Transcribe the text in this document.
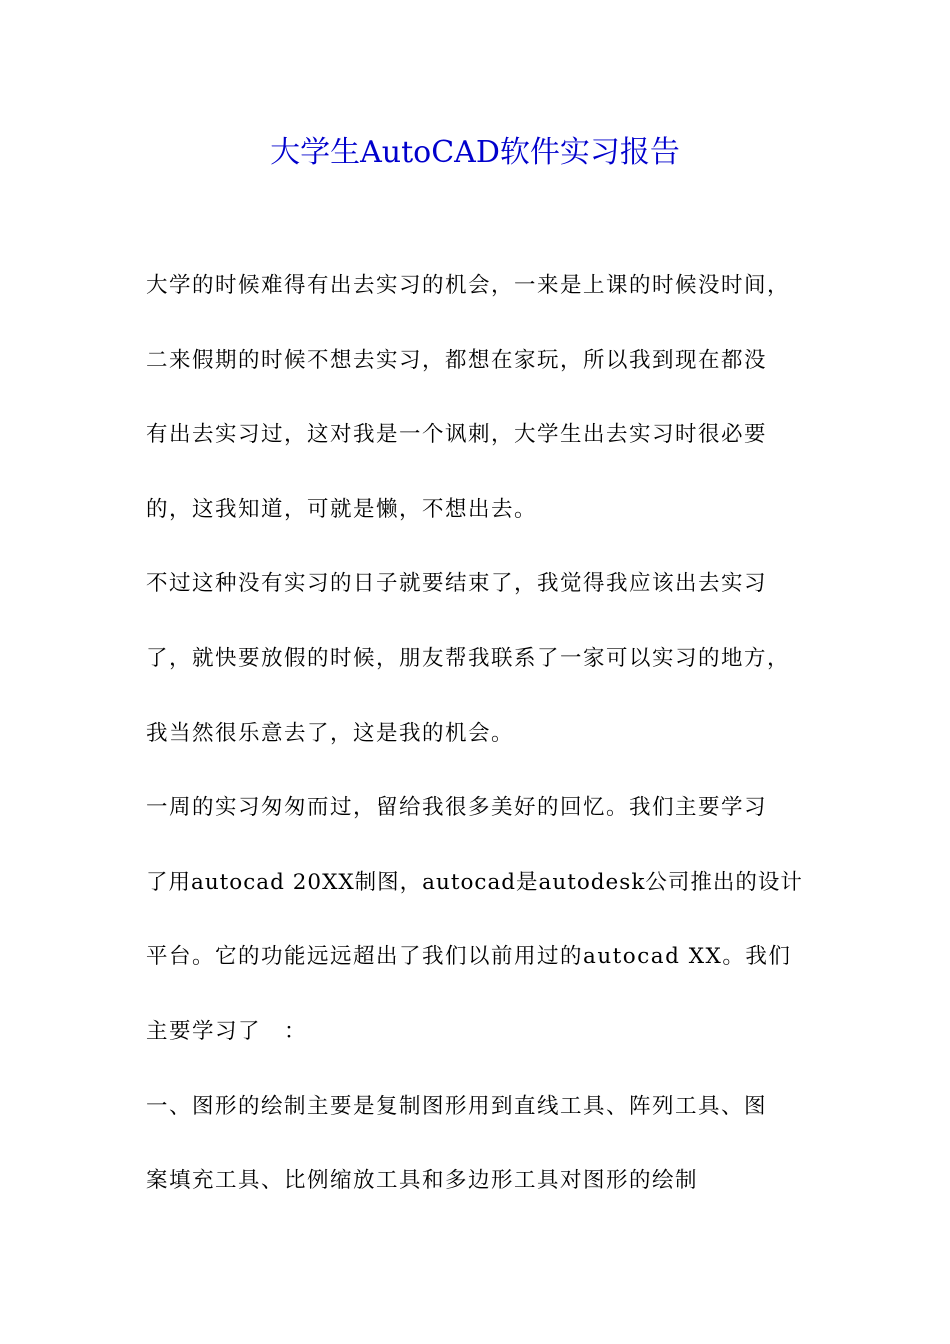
大学生AutoCAD软件实习报告
大学的时候难得有出去实习的机会，一来是上课的时候没时间，
二来假期的时候不想去实习，都想在家玩，所以我到现在都没
有出去实习过，这对我是一个讽刺，大学生出去实习时很必要
的，这我知道，可就是懒，不想出去。
不过这种没有实习的日子就要结束了，我觉得我应该出去实习
了，就快要放假的时候，朋友帮我联系了一家可以实习的地方，
我当然很乐意去了，这是我的机会。
一周的实习匆匆而过，留给我很多美好的回忆。我们主要学习
了用autocad 20XX制图，autocad是autodesk公司推出的设计
平台。它的功能远远超出了我们以前用过的autocad XX。我们
主要学习了　：
一、图形的绘制主要是复制图形用到直线工具、阵列工具、图
案填充工具、比例缩放工具和多边形工具对图形的绘制
